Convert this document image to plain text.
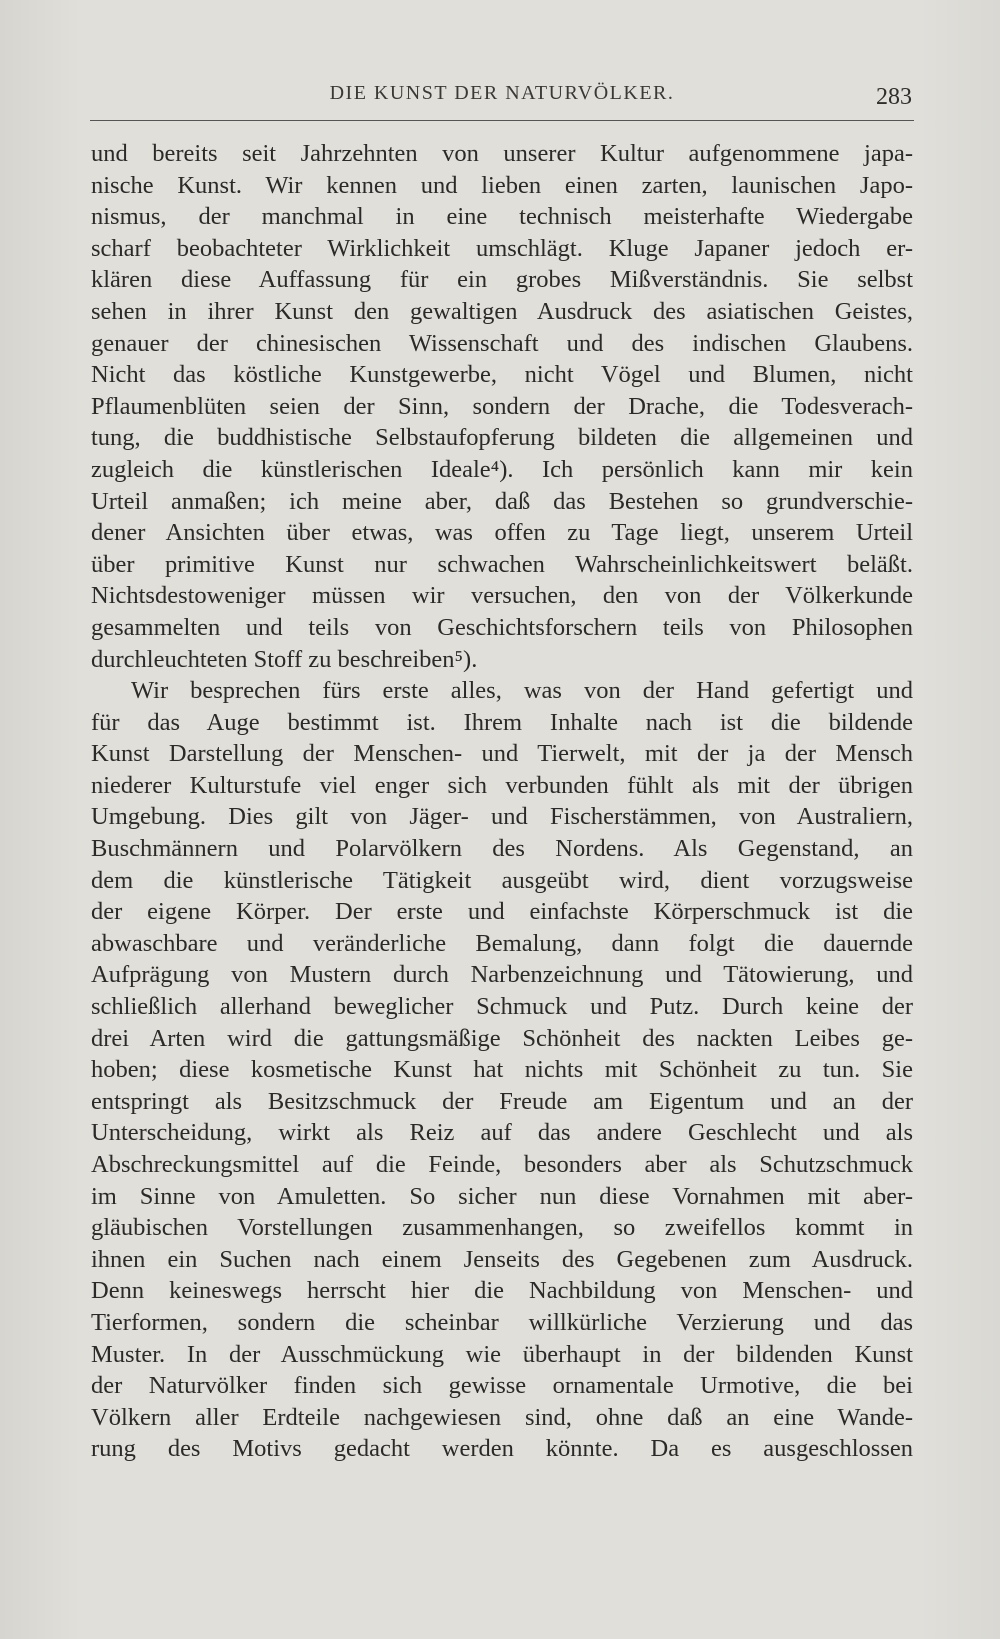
DIE KUNST DER NATURVÖLKER.	283
und bereits seit Jahrzehnten von unserer Kultur aufgenommene japa-
nische Kunst. Wir kennen und lieben einen zarten, launischen Japo-
nismus, der manchmal in eine technisch meisterhafte Wiedergabe
scharf beobachteter Wirklichkeit umschlägt. Kluge Japaner jedoch er-
klären diese Auffassung für ein grobes Mißverständnis. Sie selbst
sehen in ihrer Kunst den gewaltigen Ausdruck des asiatischen Geistes,
genauer der chinesischen Wissenschaft und des indischen Glaubens.
Nicht das köstliche Kunstgewerbe, nicht Vögel und Blumen, nicht
Pflaumenblüten seien der Sinn, sondern der Drache, die Todesverach-
tung, die buddhistische Selbstaufopferung bildeten die allgemeinen und
zugleich die künstlerischen Ideale⁴). Ich persönlich kann mir kein
Urteil anmaßen; ich meine aber, daß das Bestehen so grundverschie-
dener Ansichten über etwas, was offen zu Tage liegt, unserem Urteil
über primitive Kunst nur schwachen Wahrscheinlichkeitswert beläßt.
Nichtsdestoweniger müssen wir versuchen, den von der Völkerkunde
gesammelten und teils von Geschichtsforschern teils von Philosophen
durchleuchteten Stoff zu beschreiben⁵).
Wir besprechen fürs erste alles, was von der Hand gefertigt und
für das Auge bestimmt ist. Ihrem Inhalte nach ist die bildende
Kunst Darstellung der Menschen- und Tierwelt, mit der ja der Mensch
niederer Kulturstufe viel enger sich verbunden fühlt als mit der übrigen
Umgebung. Dies gilt von Jäger- und Fischerstämmen, von Australiern,
Buschmännern und Polarvölkern des Nordens. Als Gegenstand, an
dem die künstlerische Tätigkeit ausgeübt wird, dient vorzugsweise
der eigene Körper. Der erste und einfachste Körperschmuck ist die
abwaschbare und veränderliche Bemalung, dann folgt die dauernde
Aufprägung von Mustern durch Narbenzeichnung und Tätowierung, und
schließlich allerhand beweglicher Schmuck und Putz. Durch keine der
drei Arten wird die gattungsmäßige Schönheit des nackten Leibes ge-
hoben; diese kosmetische Kunst hat nichts mit Schönheit zu tun. Sie
entspringt als Besitzschmuck der Freude am Eigentum und an der
Unterscheidung, wirkt als Reiz auf das andere Geschlecht und als
Abschreckungsmittel auf die Feinde, besonders aber als Schutzschmuck
im Sinne von Amuletten. So sicher nun diese Vornahmen mit aber-
gläubischen Vorstellungen zusammenhangen, so zweifellos kommt in
ihnen ein Suchen nach einem Jenseits des Gegebenen zum Ausdruck.
Denn keineswegs herrscht hier die Nachbildung von Menschen- und
Tierformen, sondern die scheinbar willkürliche Verzierung und das
Muster. In der Ausschmückung wie überhaupt in der bildenden Kunst
der Naturvölker finden sich gewisse ornamentale Urmotive, die bei
Völkern aller Erdteile nachgewiesen sind, ohne daß an eine Wande-
rung des Motivs gedacht werden könnte. Da es ausgeschlossen
